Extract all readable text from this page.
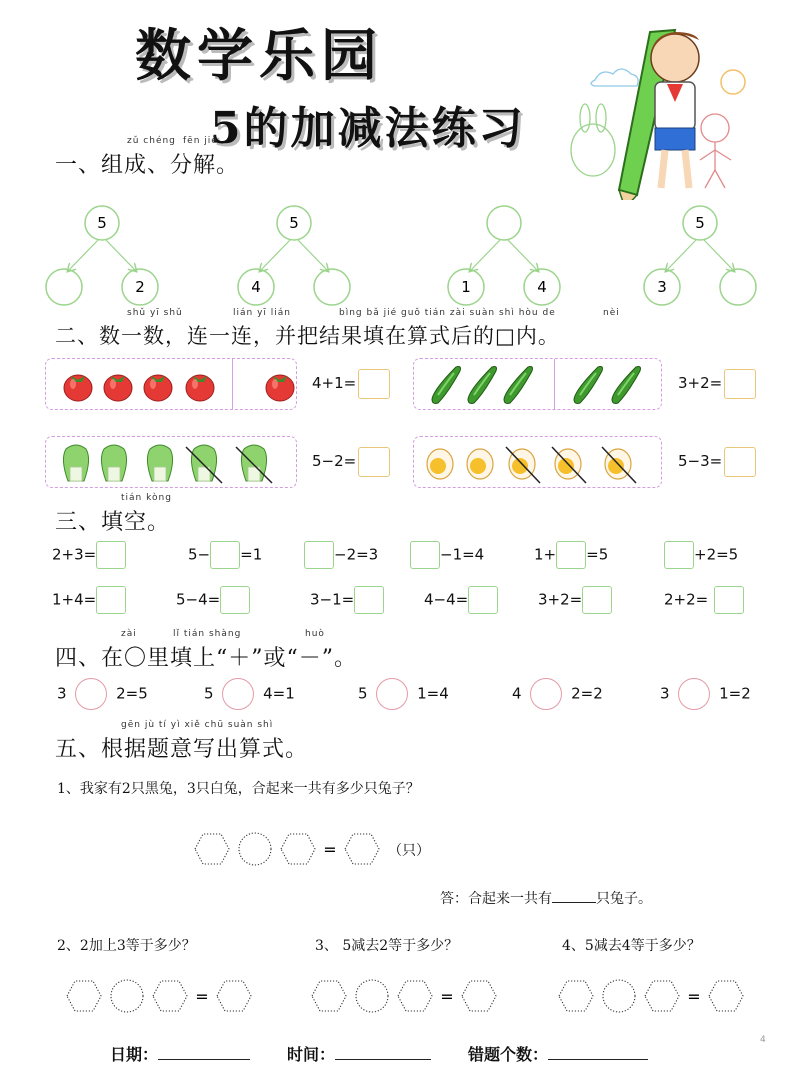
数学乐园
5的加减法练习
zǔ chéng fēn jiě
一、组成、分解。
5
2
5
4	1	4
5
3
shǔ yī shǔ	lián yī lián	bìng bǎ jié guǒ tián zài suàn shì hòu de	nèi
二、数一数，连一连，并把结果填在算式后的□内。
4+1=	3+2=
5−2=	5−3=
tián kòng
三、填空。
2+3=	5− =1	−2=3	−1=4	1+ =5	+2=5
1+4=	5−4=	3−1=	4−4=	3+2=	2+2=
zài	lǐ tián shàng	huò
四、在〇里填上“＋”或“－”。
3	2=5	5	4=1	5	1=4	4	2=2	3	1=2
gēn jù tí yì xiě chū suàn shì
五、根据题意写出算式。
1、我家有2只黑兔，3只白兔，合起来一共有多少只兔子？
=	（只）
答：合起来一共有	只兔子。
2、2加上3等于多少？	3、 5减去2等于多少？	4、5减去4等于多少？
=	=	=
日期：	时间：	错题个数：
4
